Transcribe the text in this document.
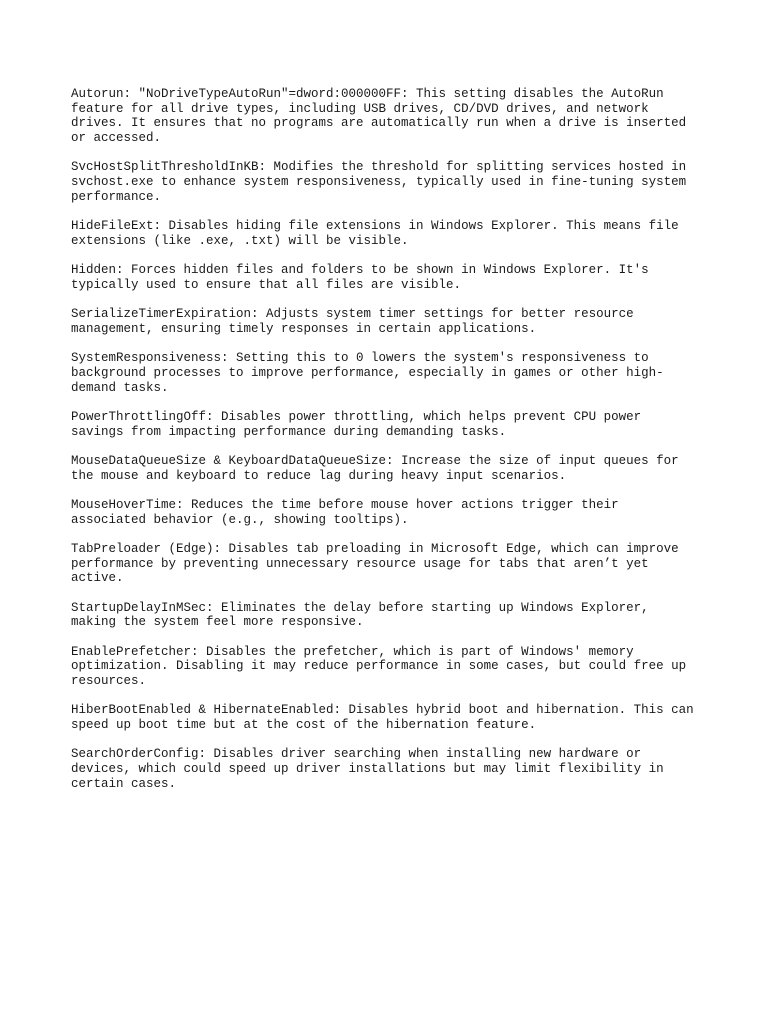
Autorun: "NoDriveTypeAutoRun"=dword:000000FF: This setting disables the AutoRun
feature for all drive types, including USB drives, CD/DVD drives, and network
drives. It ensures that no programs are automatically run when a drive is inserted
or accessed.

SvcHostSplitThresholdInKB: Modifies the threshold for splitting services hosted in
svchost.exe to enhance system responsiveness, typically used in fine-tuning system
performance.

HideFileExt: Disables hiding file extensions in Windows Explorer. This means file
extensions (like .exe, .txt) will be visible.

Hidden: Forces hidden files and folders to be shown in Windows Explorer. It's
typically used to ensure that all files are visible.

SerializeTimerExpiration: Adjusts system timer settings for better resource
management, ensuring timely responses in certain applications.

SystemResponsiveness: Setting this to 0 lowers the system's responsiveness to
background processes to improve performance, especially in games or other high-
demand tasks.

PowerThrottlingOff: Disables power throttling, which helps prevent CPU power
savings from impacting performance during demanding tasks.

MouseDataQueueSize & KeyboardDataQueueSize: Increase the size of input queues for
the mouse and keyboard to reduce lag during heavy input scenarios.

MouseHoverTime: Reduces the time before mouse hover actions trigger their
associated behavior (e.g., showing tooltips).

TabPreloader (Edge): Disables tab preloading in Microsoft Edge, which can improve
performance by preventing unnecessary resource usage for tabs that aren’t yet
active.

StartupDelayInMSec: Eliminates the delay before starting up Windows Explorer,
making the system feel more responsive.

EnablePrefetcher: Disables the prefetcher, which is part of Windows' memory
optimization. Disabling it may reduce performance in some cases, but could free up
resources.

HiberBootEnabled & HibernateEnabled: Disables hybrid boot and hibernation. This can
speed up boot time but at the cost of the hibernation feature.

SearchOrderConfig: Disables driver searching when installing new hardware or
devices, which could speed up driver installations but may limit flexibility in
certain cases.
